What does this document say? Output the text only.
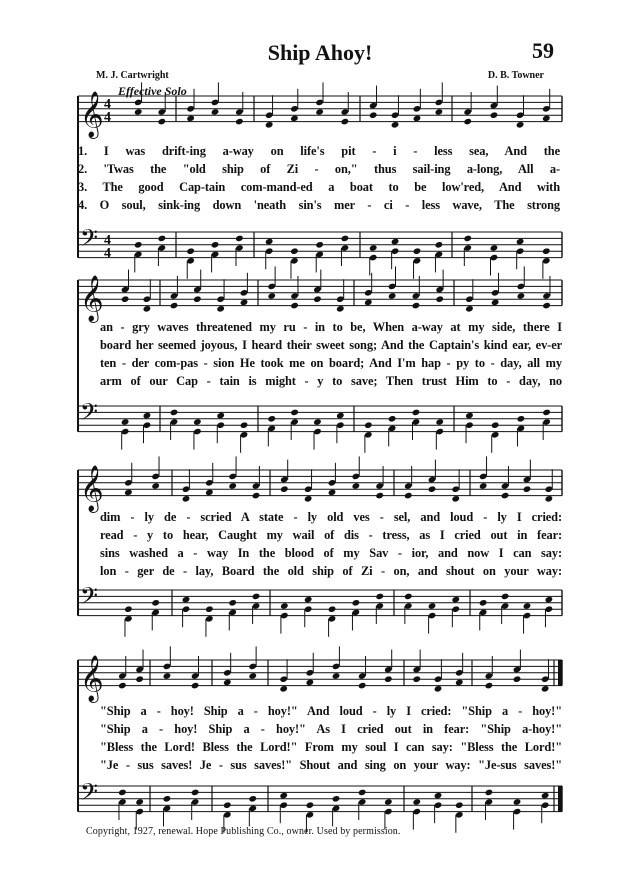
Ship Ahoy!	59
M. J. Cartwright	D. B. Towner
Effective Solo
𝄞 4
4
𝄢 4
4
𝄞
𝄢
𝄞
𝄢
𝄞
𝄢
1. I was drift-ing a-way on life's pit - i - less sea, And the
2. 'Twas the "old ship of Zi - on," thus sail-ing a-long, All a-
3. The good Cap-tain com-mand-ed a boat to be low'red, And with
4. O soul, sink-ing down 'neath sin's mer - ci - less wave, The strong
an - gry waves threatened my ru - in to be, When a-way at my side, there I
board her seemed joyous, I heard their sweet song; And the Captain's kind ear, ev-er
ten - der com-pas - sion He took me on board; And I'm hap - py to - day, all my
arm of our Cap - tain is might - y to save; Then trust Him to - day, no
dim - ly de - scried A state - ly old ves - sel, and loud - ly I cried:
read - y to hear, Caught my wail of dis - tress, as I cried out in fear:
sins washed a - way In the blood of my Sav - ior, and now I can say:
lon - ger de - lay, Board the old ship of Zi - on, and shout on your way:
"Ship a - hoy! Ship a - hoy!" And loud - ly I cried: "Ship a - hoy!"
"Ship a - hoy! Ship a - hoy!" As I cried out in fear: "Ship a-hoy!"
"Bless the Lord! Bless the Lord!" From my soul I can say: "Bless the Lord!"
"Je - sus saves! Je - sus saves!" Shout and sing on your way: "Je-sus saves!"
Copyright, 1927, renewal. Hope Publishing Co., owner. Used by permission.
